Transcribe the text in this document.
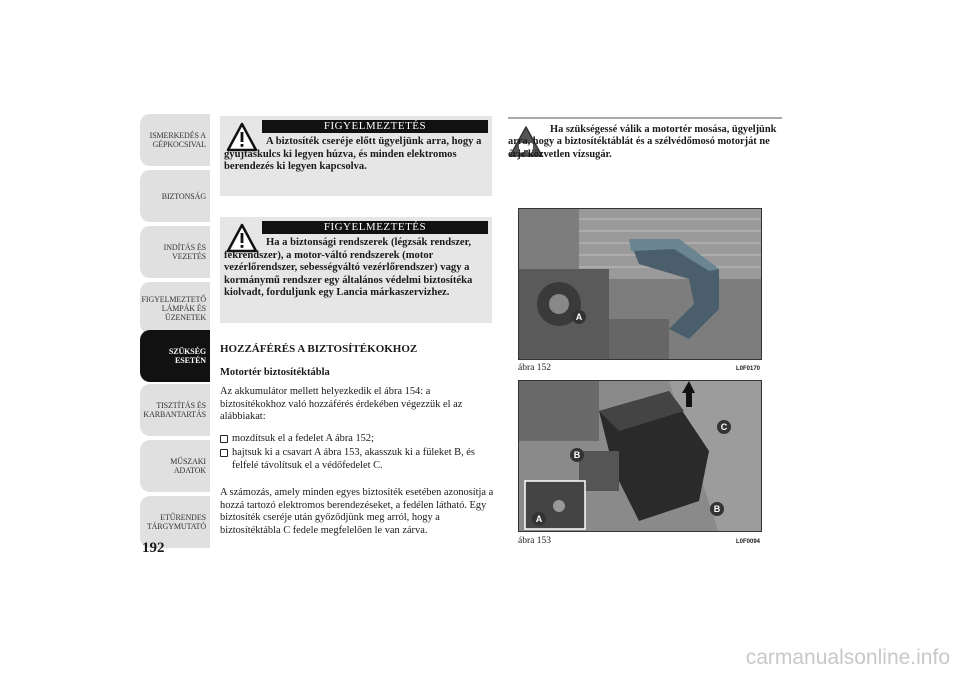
ISMERKEDÉS A
GÉPKOCSIVAL
BIZTONSÁG
INDÍTÁS ÉS
VEZETÉS
FIGYELMEZTETŐ
LÁMPÁK ÉS
ÜZENETEK
SZÜKSÉG ESETÉN
TISZTÍTÁS ÉS
KARBANTARTÁS
MŰSZAKI ADATOK
ETŰRENDES
TÁRGYMUTATÓ
192
FIGYELMEZTETÉS
A biztosíték cseréje előtt ügyeljünk arra, hogy a gyújtáskulcs ki legyen húzva, és minden elektromos berendezés ki legyen kapcsolva.
FIGYELMEZTETÉS
Ha a biztonsági rendszerek (légzsák rendszer, fékrendszer), a motor-váltó rendszerek (motor vezérlőrendszer, sebességváltó vezérlőrendszer) vagy a kormánymű rendszer egy általános védelmi biztosítéka kiolvadt, forduljunk egy Lancia márkaszervizhez.
HOZZÁFÉRÉS A BIZTOSÍTÉKOKHOZ
Motortér biztosítéktábla
Az akkumulátor mellett helyezkedik el ábra 154: a biztosítékokhoz való hozzáférés érdekében végezzük el az alábbiakat:
mozdítsuk el a fedelet A ábra 152;
hajtsuk ki a csavart A ábra 153, akasszuk ki a füleket B, és felfelé távolítsuk el a védőfedelet C.
A számozás, amely minden egyes biztosíték esetében azonosítja a hozzá tartozó elektromos berendezéseket, a fedélen látható. Egy biztosíték cseréje után győződjünk meg arról, hogy a biztosítéktábla C fedele megfelelően le van zárva.
Ha szükségessé válik a motortér mosása, ügyeljünk arra, hogy a biztosítéktáblát és a szélvédőmosó motorját ne érje közvetlen vízsugár.
A
ábra 152	L0F0170
C
B
B
A
ábra 153	L0F0094
carmanualsonline.info
